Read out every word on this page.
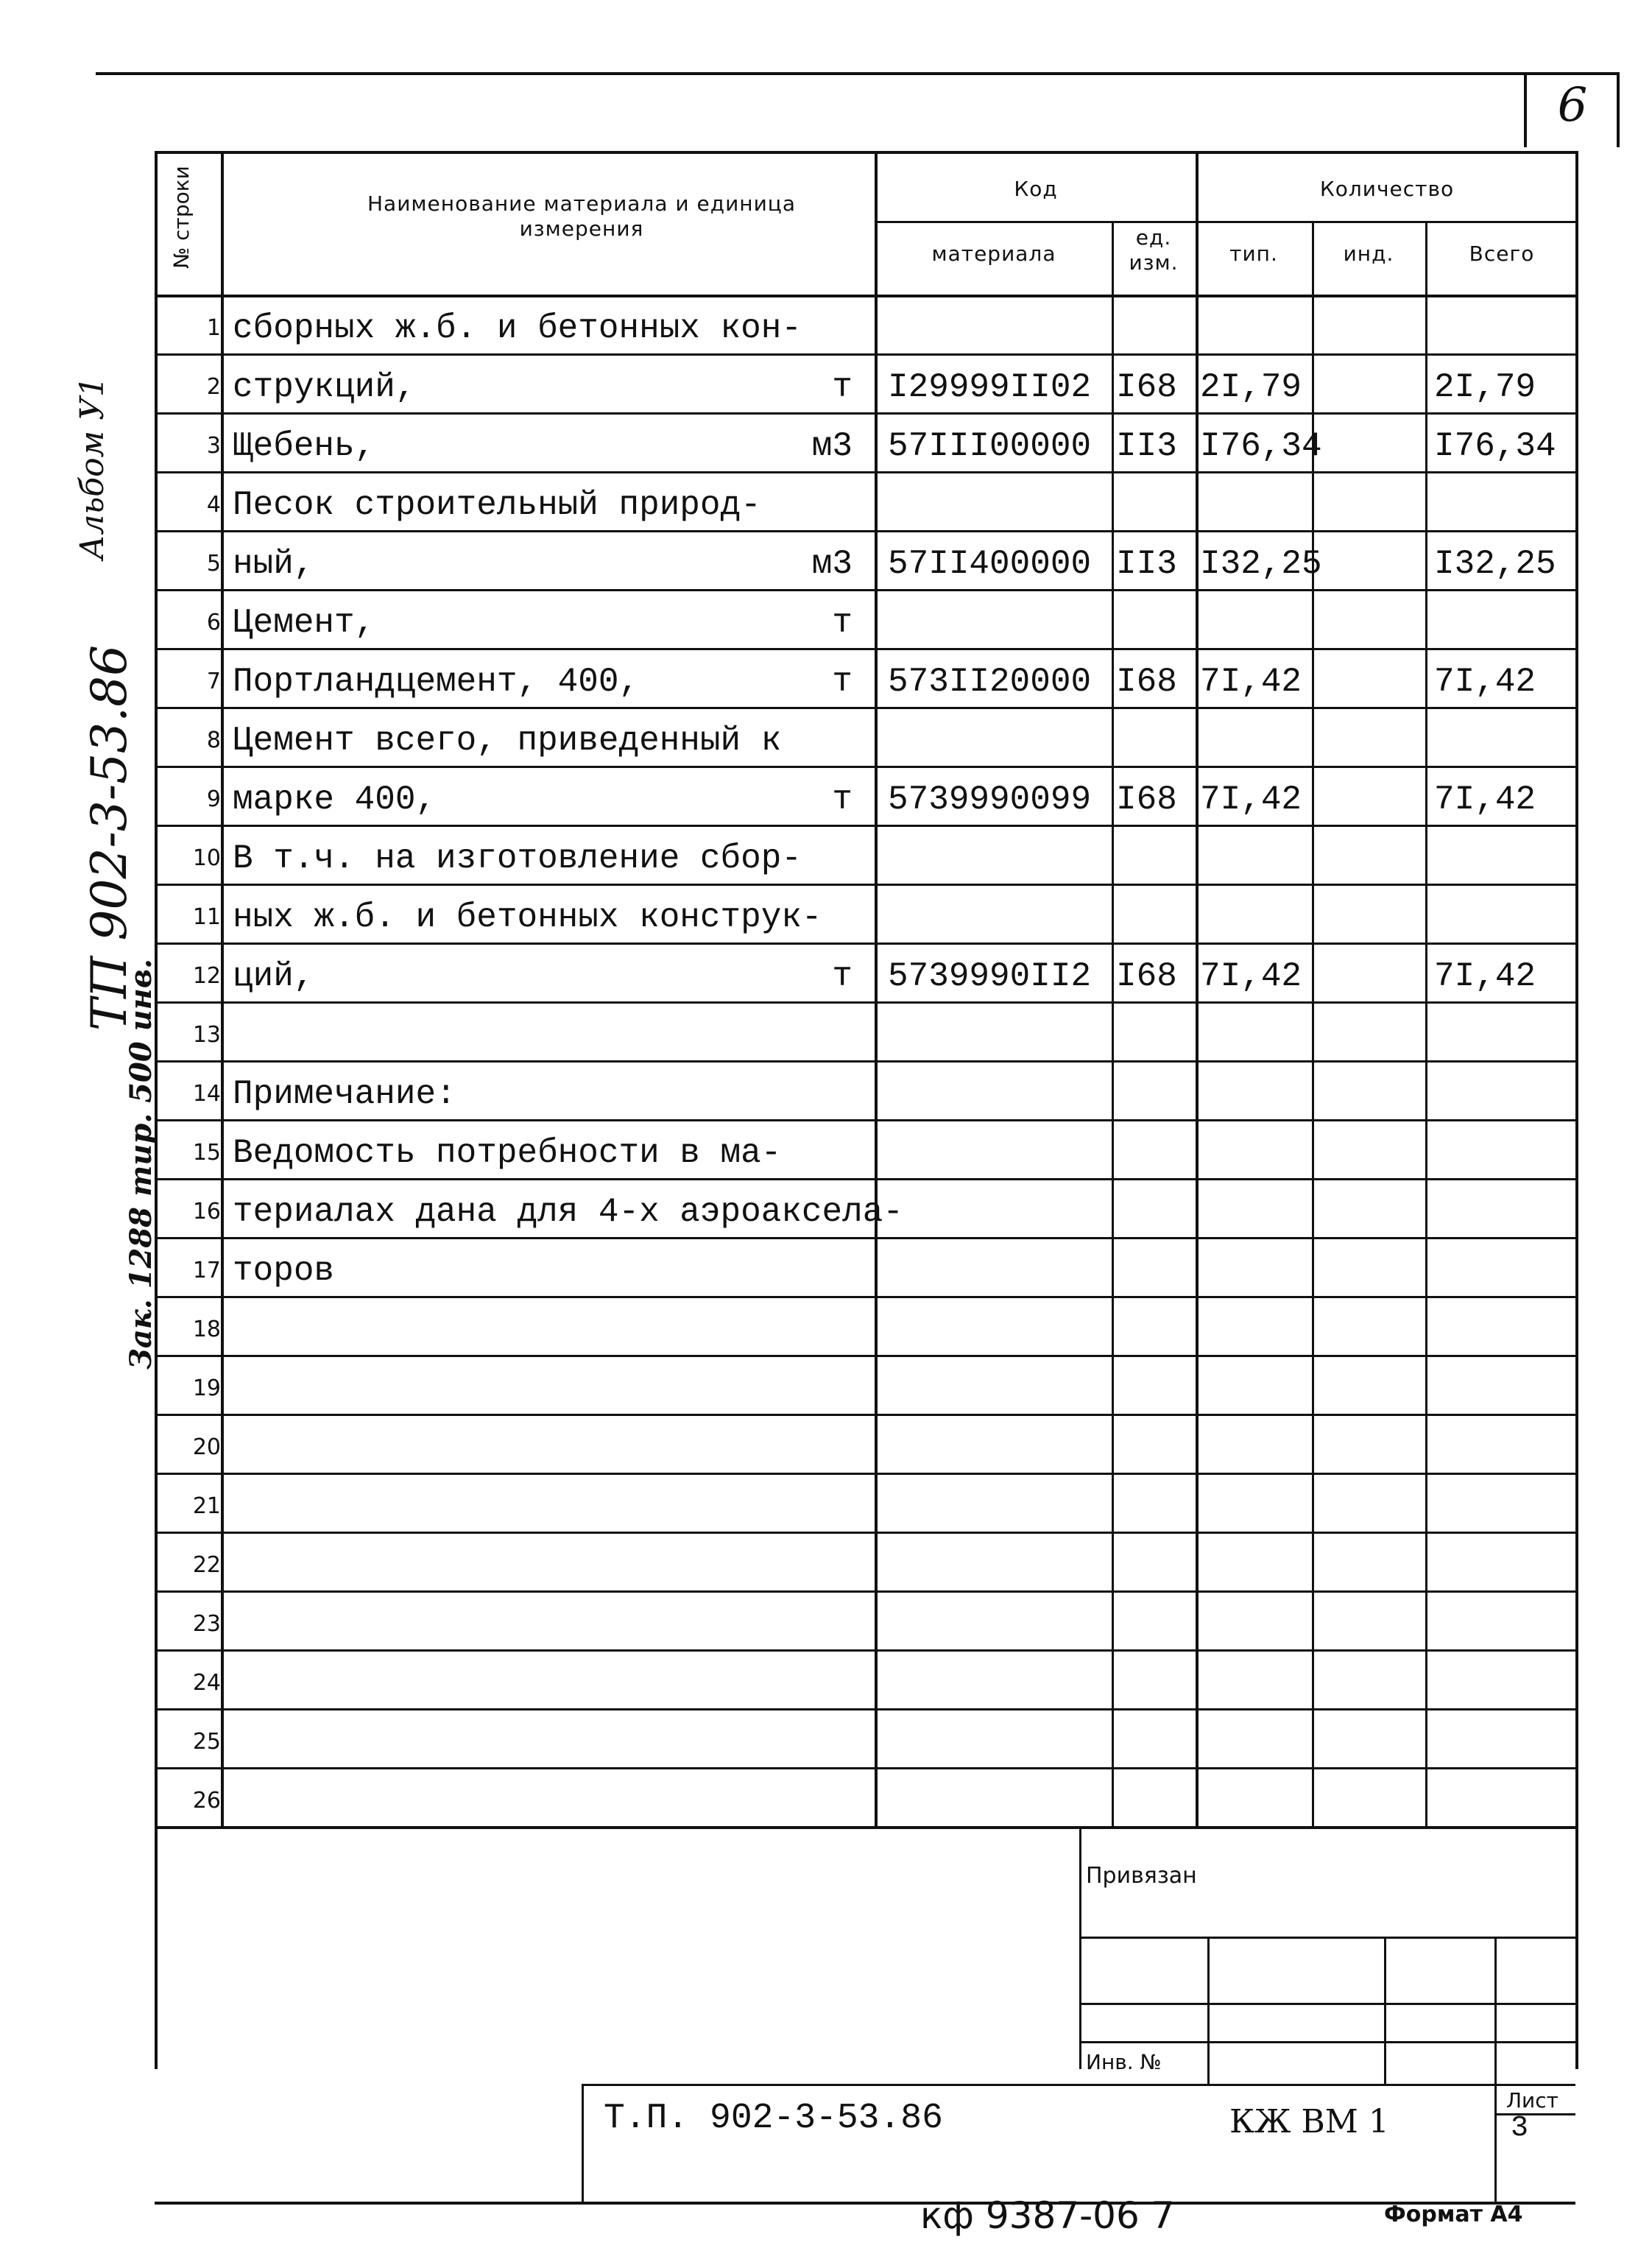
6
1 сборных ж.б. и бетонных кон-
2 струкций,	т I29999II02 I68 2I,79	2I,79
3 Щебень,	м3 57III00000 II3 I76,34	I76,34
4 Песок строительный природ-
5 ный,	м3 57II400000 II3 I32,25	I32,25
6 Цемент,	т
7 Портландцемент, 400,	т 573II20000 I68 7I,42	7I,42
8 Цемент всего, приведенный к
9 марке 400,	т 5739990099 I68 7I,42	7I,42
10 В т.ч. на изготовление сбор-
11 ных ж.б. и бетонных конструк-
12 ций,	т 5739990II2 I68 7I,42	7I,42
13
14 Примечание:
15 Ведомость потребности в ма-
16 териалах дана для 4-х аэроаксела-
17 торов
18
19
20
21
22
23
24
25
26
№ строки	Наименование материала и единица измерения
Код
материала
ед. изм.
Количество
тип.	инд.	Всего
Альбом У1
ТП 902-3-53.86
Зак. 1288 тир. 500 инв.
Привязан
Инв. №
Т.П. 902-3-53.86	КЖ ВМ 1
Лист
3
кф 9387-06 7	Формат А4
